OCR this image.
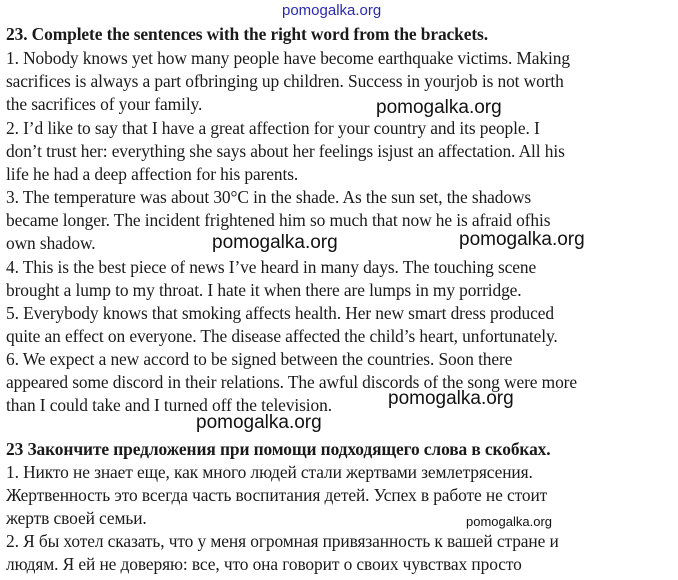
pomogalka.org
23. Complete the sentences with the right word from the brackets.
1. Nobody knows yet how many people have become earthquake victims. Making
sacrifices is always a part ofbringing up children. Success in yourjob is not worth
the sacrifices of your family.
2. I’d like to say that I have a great affection for your country and its people. I
don’t trust her: everything she says about her feelings isjust an affectation. All his
life he had a deep affection for his parents.
3. The temperature was about 30°C in the shade. As the sun set, the shadows
became longer. The incident frightened him so much that now he is afraid ofhis
own shadow.
4. This is the best piece of news I’ve heard in many days. The touching scene
brought a lump to my throat. I hate it when there are lumps in my porridge.
5. Everybody knows that smoking affects health. Her new smart dress produced
quite an effect on everyone. The disease affected the child’s heart, unfortunately.
6. We expect a new accord to be signed between the countries. Soon there
appeared some discord in their relations. The awful discords of the song were more
than I could take and I turned off the television.
23 Закончите предложения при помощи подходящего слова в скобках.
1. Никто не знает еще, как много людей стали жертвами землетрясения.
Жертвенность это всегда часть воспитания детей. Успех в работе не стоит
жертв своей семьи.
2. Я бы хотел сказать, что у меня огромная привязанность к вашей стране и
людям. Я ей не доверяю: все, что она говорит о своих чувствах просто
pomogalka.org
pomogalka.org	pomogalka.org
pomogalka.org
pomogalka.org
pomogalka.org
